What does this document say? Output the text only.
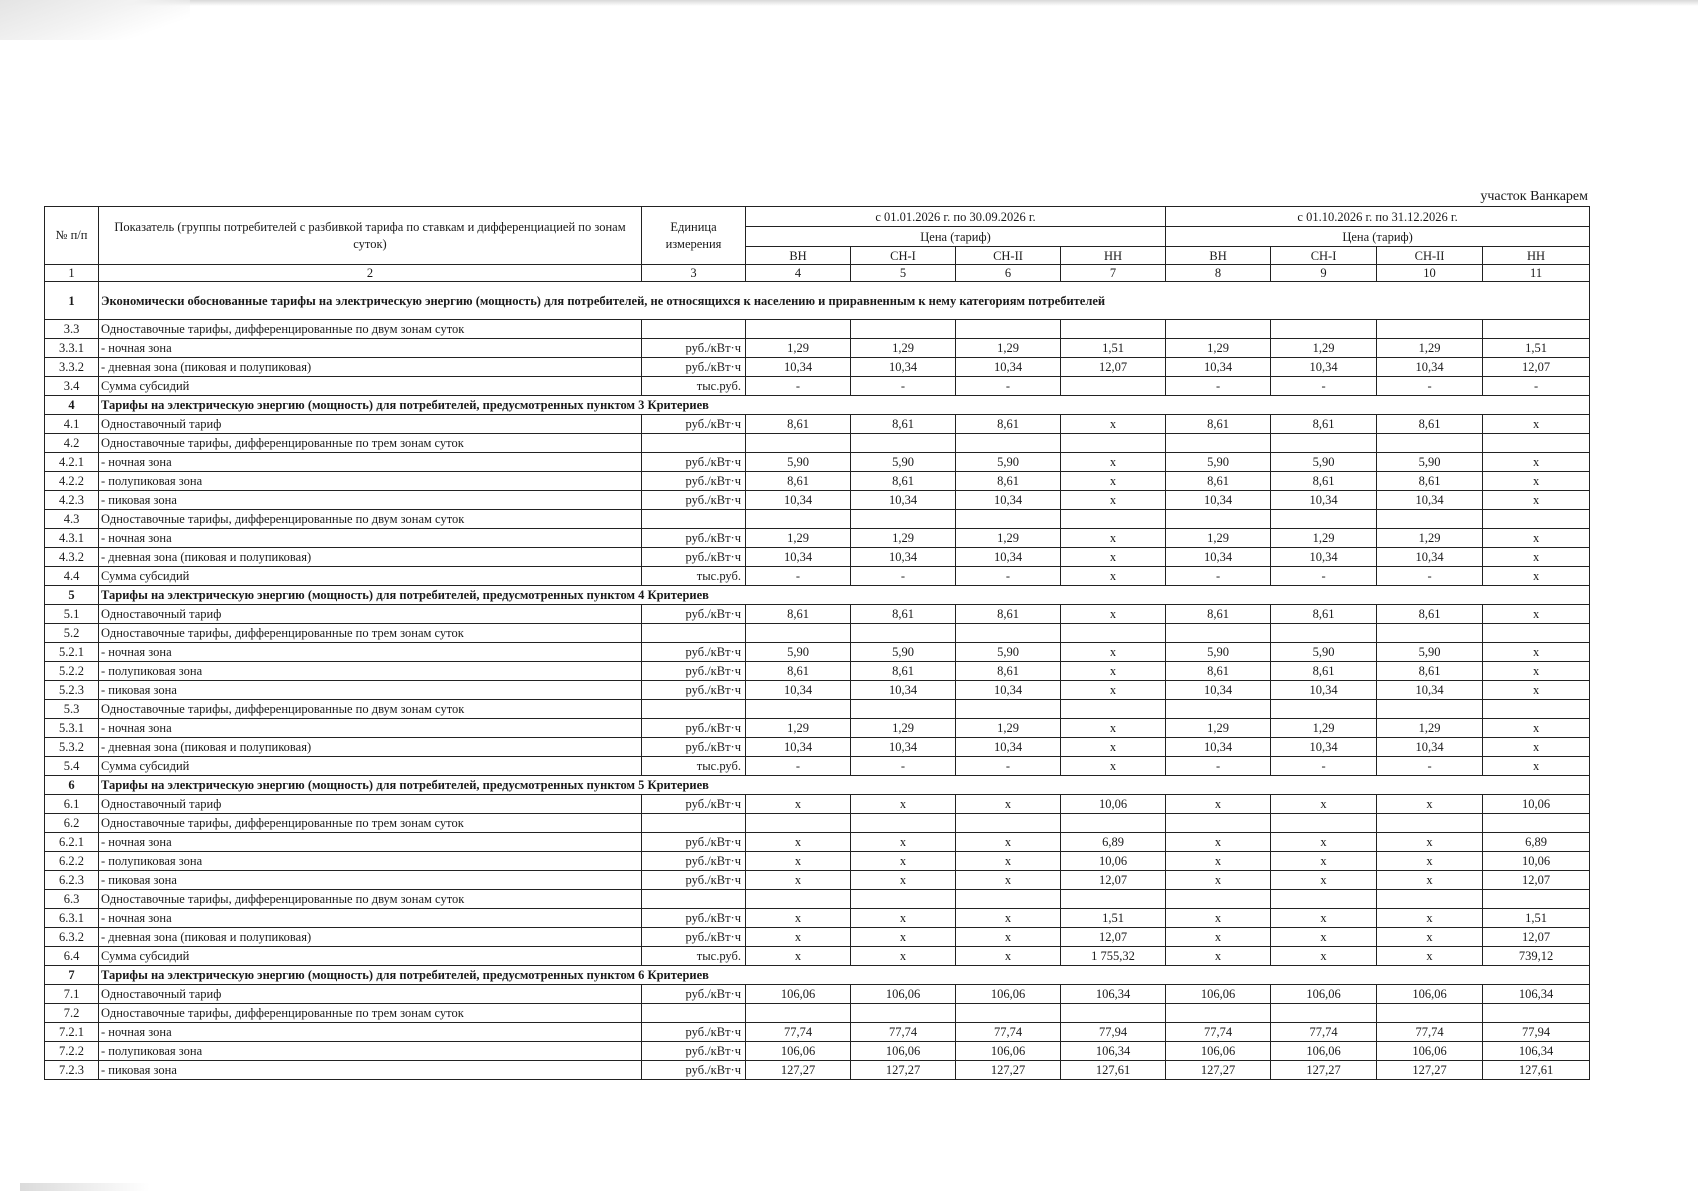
участок Ванкарем
№ п/п	Показатель (группы потребителей с разбивкой тарифа по ставкам и дифференциацией по зонам суток)	Единица измерения	с 01.01.2026 г. по 30.09.2026 г.				с 01.10.2026 г. по 31.12.2026 г.			
			Цена (тариф)				Цена (тариф)			
			ВН	СН-I	СН-II	НН	ВН	СН-I	СН-II	НН
1	2	3	4	5	6	7	8	9	10	11
1	Экономически обоснованные тарифы на электрическую энергию (мощность) для потребителей, не относящихся к населению и приравненным к нему категориям потребителей									
3.3	Одноставочные тарифы, дифференцированные по двум зонам суток									
3.3.1	- ночная зона	руб./кВт·ч	1,29	1,29	1,29	1,51	1,29	1,29	1,29	1,51
3.3.2	- дневная зона (пиковая и полупиковая)	руб./кВт·ч	10,34	10,34	10,34	12,07	10,34	10,34	10,34	12,07
3.4	Сумма субсидий	тыс.руб.	-	-	-		-	-	-	-
4	Тарифы на электрическую энергию (мощность) для потребителей, предусмотренных пунктом 3 Критериев									
4.1	Одноставочный тариф	руб./кВт·ч	8,61	8,61	8,61	х	8,61	8,61	8,61	х
4.2	Одноставочные тарифы, дифференцированные по трем зонам суток									
4.2.1	- ночная зона	руб./кВт·ч	5,90	5,90	5,90	х	5,90	5,90	5,90	х
4.2.2	- полупиковая зона	руб./кВт·ч	8,61	8,61	8,61	х	8,61	8,61	8,61	х
4.2.3	- пиковая зона	руб./кВт·ч	10,34	10,34	10,34	х	10,34	10,34	10,34	х
4.3	Одноставочные тарифы, дифференцированные по двум зонам суток									
4.3.1	- ночная зона	руб./кВт·ч	1,29	1,29	1,29	х	1,29	1,29	1,29	х
4.3.2	- дневная зона (пиковая и полупиковая)	руб./кВт·ч	10,34	10,34	10,34	х	10,34	10,34	10,34	х
4.4	Сумма субсидий	тыс.руб.	-	-	-	х	-	-	-	х
5	Тарифы на электрическую энергию (мощность) для потребителей, предусмотренных пунктом 4 Критериев									
5.1	Одноставочный тариф	руб./кВт·ч	8,61	8,61	8,61	х	8,61	8,61	8,61	х
5.2	Одноставочные тарифы, дифференцированные по трем зонам суток									
5.2.1	- ночная зона	руб./кВт·ч	5,90	5,90	5,90	х	5,90	5,90	5,90	х
5.2.2	- полупиковая зона	руб./кВт·ч	8,61	8,61	8,61	х	8,61	8,61	8,61	х
5.2.3	- пиковая зона	руб./кВт·ч	10,34	10,34	10,34	х	10,34	10,34	10,34	х
5.3	Одноставочные тарифы, дифференцированные по двум зонам суток									
5.3.1	- ночная зона	руб./кВт·ч	1,29	1,29	1,29	х	1,29	1,29	1,29	х
5.3.2	- дневная зона (пиковая и полупиковая)	руб./кВт·ч	10,34	10,34	10,34	х	10,34	10,34	10,34	х
5.4	Сумма субсидий	тыс.руб.	-	-	-	х	-	-	-	х
6	Тарифы на электрическую энергию (мощность) для потребителей, предусмотренных пунктом 5 Критериев									
6.1	Одноставочный тариф	руб./кВт·ч	х	х	х	10,06	х	х	х	10,06
6.2	Одноставочные тарифы, дифференцированные по трем зонам суток									
6.2.1	- ночная зона	руб./кВт·ч	х	х	х	6,89	х	х	х	6,89
6.2.2	- полупиковая зона	руб./кВт·ч	х	х	х	10,06	х	х	х	10,06
6.2.3	- пиковая зона	руб./кВт·ч	х	х	х	12,07	х	х	х	12,07
6.3	Одноставочные тарифы, дифференцированные по двум зонам суток									
6.3.1	- ночная зона	руб./кВт·ч	х	х	х	1,51	х	х	х	1,51
6.3.2	- дневная зона (пиковая и полупиковая)	руб./кВт·ч	х	х	х	12,07	х	х	х	12,07
6.4	Сумма субсидий	тыс.руб.	х	х	х	1 755,32	х	х	х	739,12
7	Тарифы на электрическую энергию (мощность) для потребителей, предусмотренных пунктом 6 Критериев									
7.1	Одноставочный тариф	руб./кВт·ч	106,06	106,06	106,06	106,34	106,06	106,06	106,06	106,34
7.2	Одноставочные тарифы, дифференцированные по трем зонам суток									
7.2.1	- ночная зона	руб./кВт·ч	77,74	77,74	77,74	77,94	77,74	77,74	77,74	77,94
7.2.2	- полупиковая зона	руб./кВт·ч	106,06	106,06	106,06	106,34	106,06	106,06	106,06	106,34
7.2.3	- пиковая зона	руб./кВт·ч	127,27	127,27	127,27	127,61	127,27	127,27	127,27	127,61
